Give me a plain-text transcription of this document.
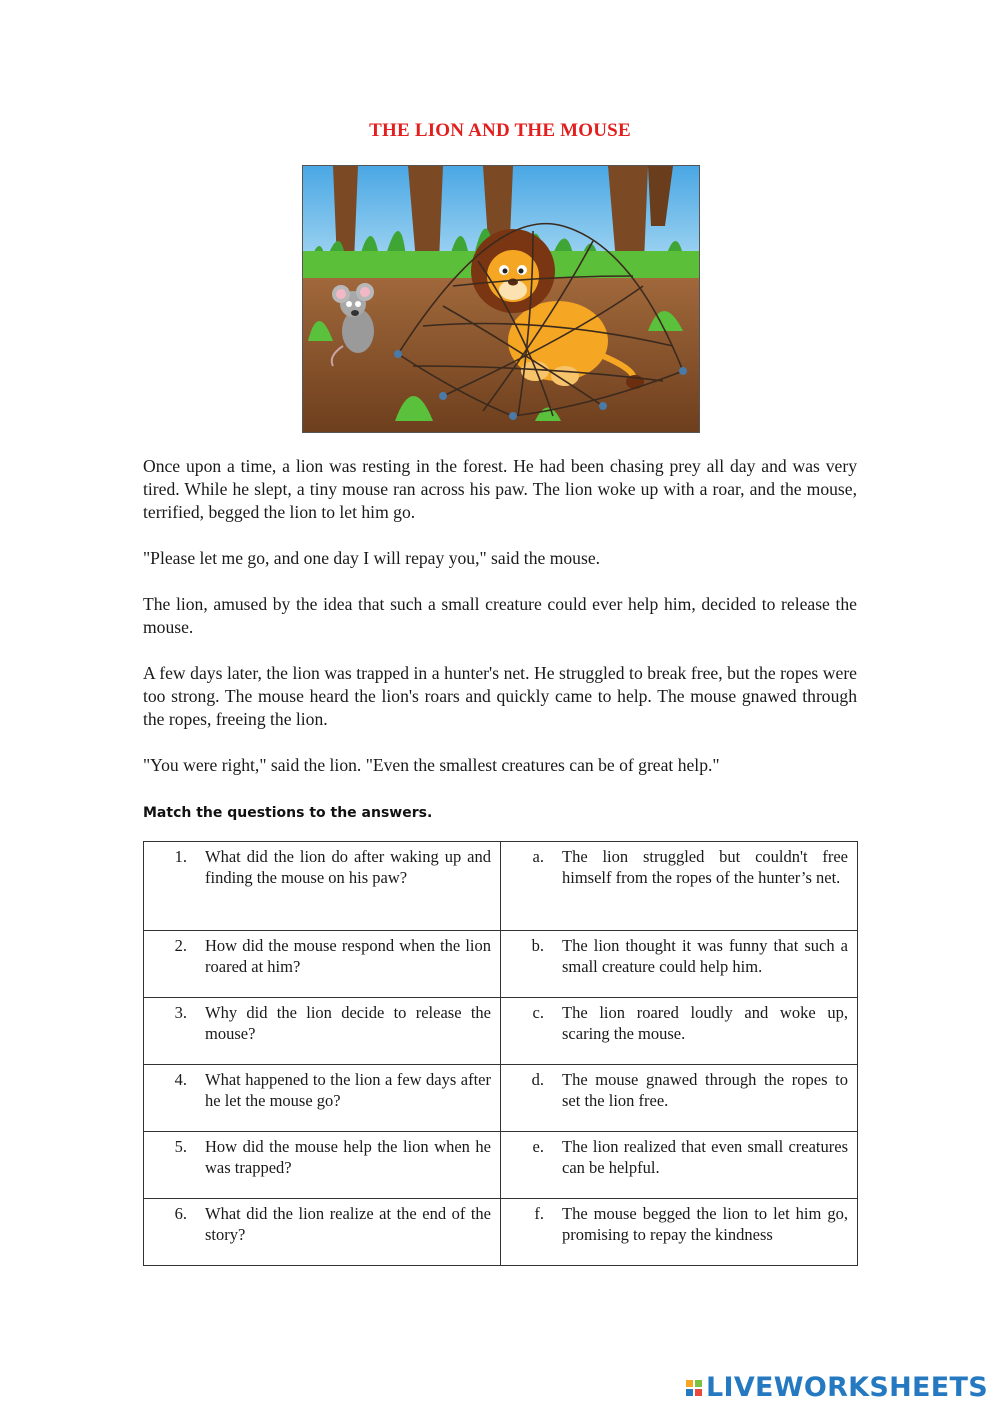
THE LION AND THE MOUSE

Once upon a time, a lion was resting in the forest. He had been chasing prey all day and was very tired. While he slept, a tiny mouse ran across his paw. The lion woke up with a roar, and the mouse, terrified, begged the lion to let him go.

"Please let me go, and one day I will repay you," said the mouse.

The lion, amused by the idea that such a small creature could ever help him, decided to release the mouse.

A few days later, the lion was trapped in a hunter's net. He struggled to break free, but the ropes were too strong. The mouse heard the lion's roars and quickly came to help. The mouse gnawed through the ropes, freeing the lion.

"You were right," said the lion. "Even the smallest creatures can be of great help."

Match the questions to the answers.
1. What did the lion do after waking up and finding the mouse on his paw?	a. The lion struggled but couldn't free himself from the ropes of the hunter’s net.

2. How did the mouse respond when the lion roared at him?	b. The lion thought it was funny that such a small creature could help him.

3. Why did the lion decide to release the mouse?	c. The lion roared loudly and woke up, scaring the mouse.

4. What happened to the lion a few days after he let the mouse go?	d. The mouse gnawed through the ropes to set the lion free.

5. How did the mouse help the lion when he was trapped?	e. The lion realized that even small creatures can be helpful.

6. What did the lion realize at the end of the story?	f. The mouse begged the lion to let him go, promising to repay the kindness
LIVEWORKSHEETS
